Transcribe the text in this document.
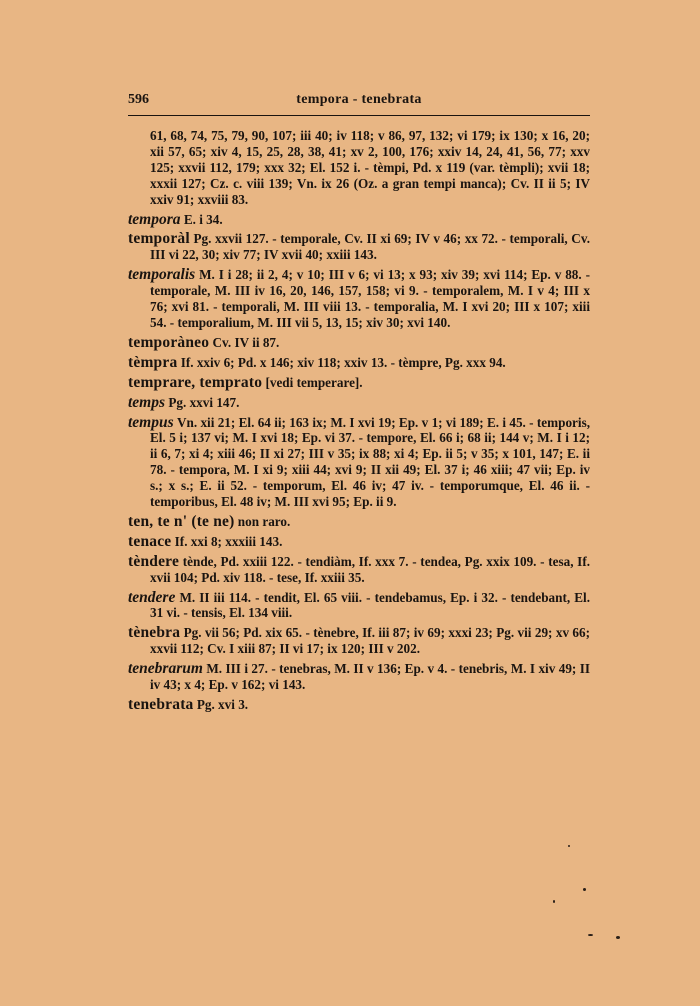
596	tempora - tenebrata
61, 68, 74, 75, 79, 90, 107; iii 40; iv 118; v 86, 97, 132; vi 179; ix 130; x 16, 20; xii 57, 65; xiv 4, 15, 25, 28, 38, 41; xv 2, 100, 176; xxiv 14, 24, 41, 56, 77; xxv 125; xxvii 112, 179; xxx 32; El. 152 i. - tèmpi, Pd. x 119 (var. tèmpli); xvii 18; xxxii 127; Cz. c. viii 139; Vn. ix 26 (Oz. a gran tempi manca); Cv. II ii 5; IV xxiv 91; xxviii 83.
tempora E. i 34.
temporàl Pg. xxvii 127. - temporale, Cv. II xi 69; IV v 46; xx 72. - temporali, Cv. III vi 22, 30; xiv 77; IV xvii 40; xxiii 143.
temporalis M. I i 28; ii 2, 4; v 10; III v 6; vi 13; x 93; xiv 39; xvi 114; Ep. v 88. - temporale, M. III iv 16, 20, 146, 157, 158; vi 9. - temporalem, M. I v 4; III x 76; xvi 81. - temporali, M. III viii 13. - temporalia, M. I xvi 20; III x 107; xiii 54. - temporalium, M. III vii 5, 13, 15; xiv 30; xvi 140.
temporàneo Cv. IV ii 87.
tèmpra If. xxiv 6; Pd. x 146; xiv 118; xxiv 13. - tèmpre, Pg. xxx 94.
temprare, temprato [vedi temperare].
temps Pg. xxvi 147.
tempus Vn. xii 21; El. 64 ii; 163 ix; M. I xvi 19; Ep. v 1; vi 189; E. i 45. - temporis, El. 5 i; 137 vi; M. I xvi 18; Ep. vi 37. - tempore, El. 66 i; 68 ii; 144 v; M. I i 12; ii 6, 7; xi 4; xiii 46; II xi 27; III v 35; ix 88; xi 4; Ep. ii 5; v 35; x 101, 147; E. ii 78. - tempora, M. I xi 9; xiii 44; xvi 9; II xii 49; El. 37 i; 46 xiii; 47 vii; Ep. iv s.; x s.; E. ii 52. - temporum, El. 46 iv; 47 iv. - temporumque, El. 46 ii. - temporibus, El. 48 iv; M. III xvi 95; Ep. ii 9.
ten, te n' (te ne) non raro.
tenace If. xxi 8; xxxiii 143.
tèndere tènde, Pd. xxiii 122. - tendiàm, If. xxx 7. - tendea, Pg. xxix 109. - tesa, If. xvii 104; Pd. xiv 118. - tese, If. xxiii 35.
tendere M. II iii 114. - tendit, El. 65 viii. - tendebamus, Ep. i 32. - tendebant, El. 31 vi. - tensis, El. 134 viii.
tènebra Pg. vii 56; Pd. xix 65. - tènebre, If. iii 87; iv 69; xxxi 23; Pg. vii 29; xv 66; xxvii 112; Cv. I xiii 87; II vi 17; ix 120; III v 202.
tenebrarum M. III i 27. - tenebras, M. II v 136; Ep. v 4. - tenebris, M. I xiv 49; II iv 43; x 4; Ep. v 162; vi 143.
tenebrata Pg. xvi 3.
